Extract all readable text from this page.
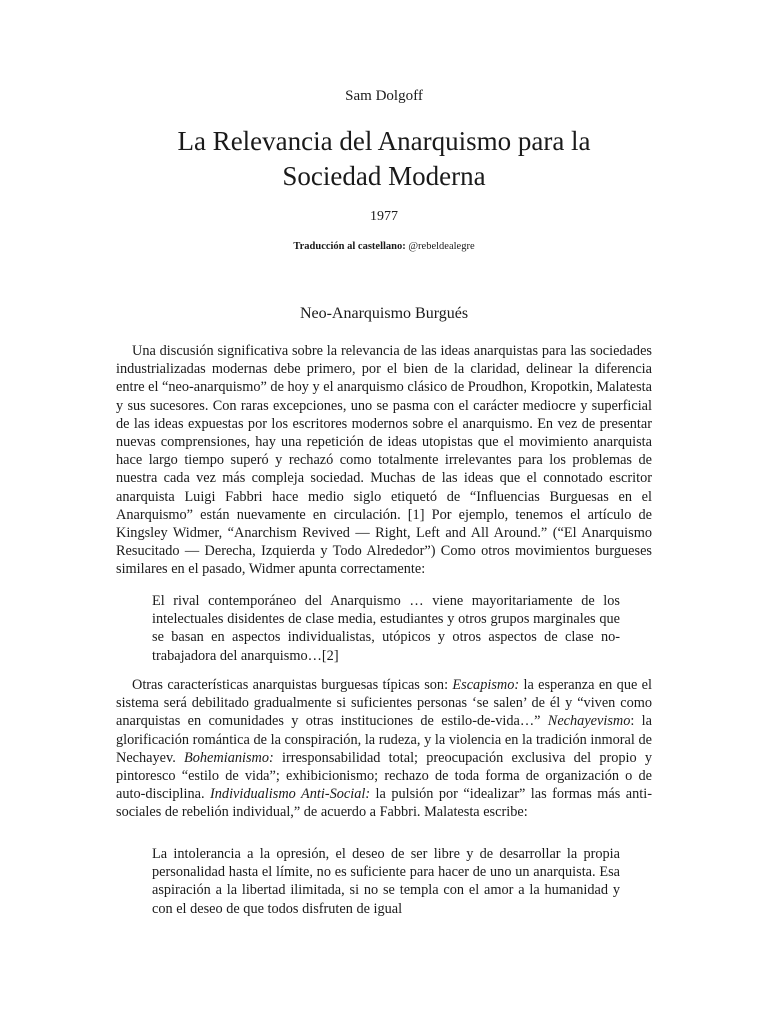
Sam Dolgoff
La Relevancia del Anarquismo para la
Sociedad Moderna
1977
Traducción al castellano: @rebeldealegre
Neo-Anarquismo Burgués

Una discusión significativa sobre la relevancia de las ideas anarquistas para las sociedades industrializadas modernas debe primero, por el bien de la claridad, delinear la diferencia entre el “neo-anarquismo” de hoy y el anarquismo clásico de Proudhon, Kropotkin, Malatesta y sus sucesores. Con raras excepciones, uno se pasma con el carácter mediocre y superficial de las ideas expuestas por los escritores modernos sobre el anarquismo. En vez de presentar nuevas comprensiones, hay una repetición de ideas utopistas que el movimiento anarquista hace largo tiempo superó y rechazó como totalmente irrelevantes para los problemas de nuestra cada vez más compleja sociedad. Muchas de las ideas que el connotado escritor anarquista Luigi Fabbri hace medio siglo etiquetó de “Influencias Burguesas en el Anarquismo” están nuevamente en circulación. [1] Por ejemplo, tenemos el artículo de Kingsley Widmer, “Anarchism Revived — Right, Left and All Around.” (“El Anarquismo Resucitado — Derecha, Izquierda y Todo Alrededor”) Como otros movimientos burgueses similares en el pasado, Widmer apunta correctamente:

El rival contemporáneo del Anarquismo … viene mayoritariamente de los intelectuales disidentes de clase media, estudiantes y otros grupos marginales que se basan en aspectos individualistas, utópicos y otros aspectos de clase no-trabajadora del anarquismo…[2]

Otras características anarquistas burguesas típicas son: Escapismo: la esperanza en que el sistema será debilitado gradualmente si suficientes personas ‘se salen’ de él y “viven como anarquistas en comunidades y otras instituciones de estilo-de-vida…” Nechayevismo: la glorificación romántica de la conspiración, la rudeza, y la violencia en la tradición inmoral de Nechayev. Bohemianismo: irresponsabilidad total; preocupación exclusiva del propio y pintoresco “estilo de vida”; exhibicionismo; rechazo de toda forma de organización o de auto-disciplina. Individualismo Anti-Social: la pulsión por “idealizar” las formas más anti-sociales de rebelión individual,” de acuerdo a Fabbri. Malatesta escribe:

La intolerancia a la opresión, el deseo de ser libre y de desarrollar la propia personalidad hasta el límite, no es suficiente para hacer de uno un anarquista. Esa aspiración a la libertad ilimitada, si no se templa con el amor a la humanidad y con el deseo de que todos disfruten de igual
